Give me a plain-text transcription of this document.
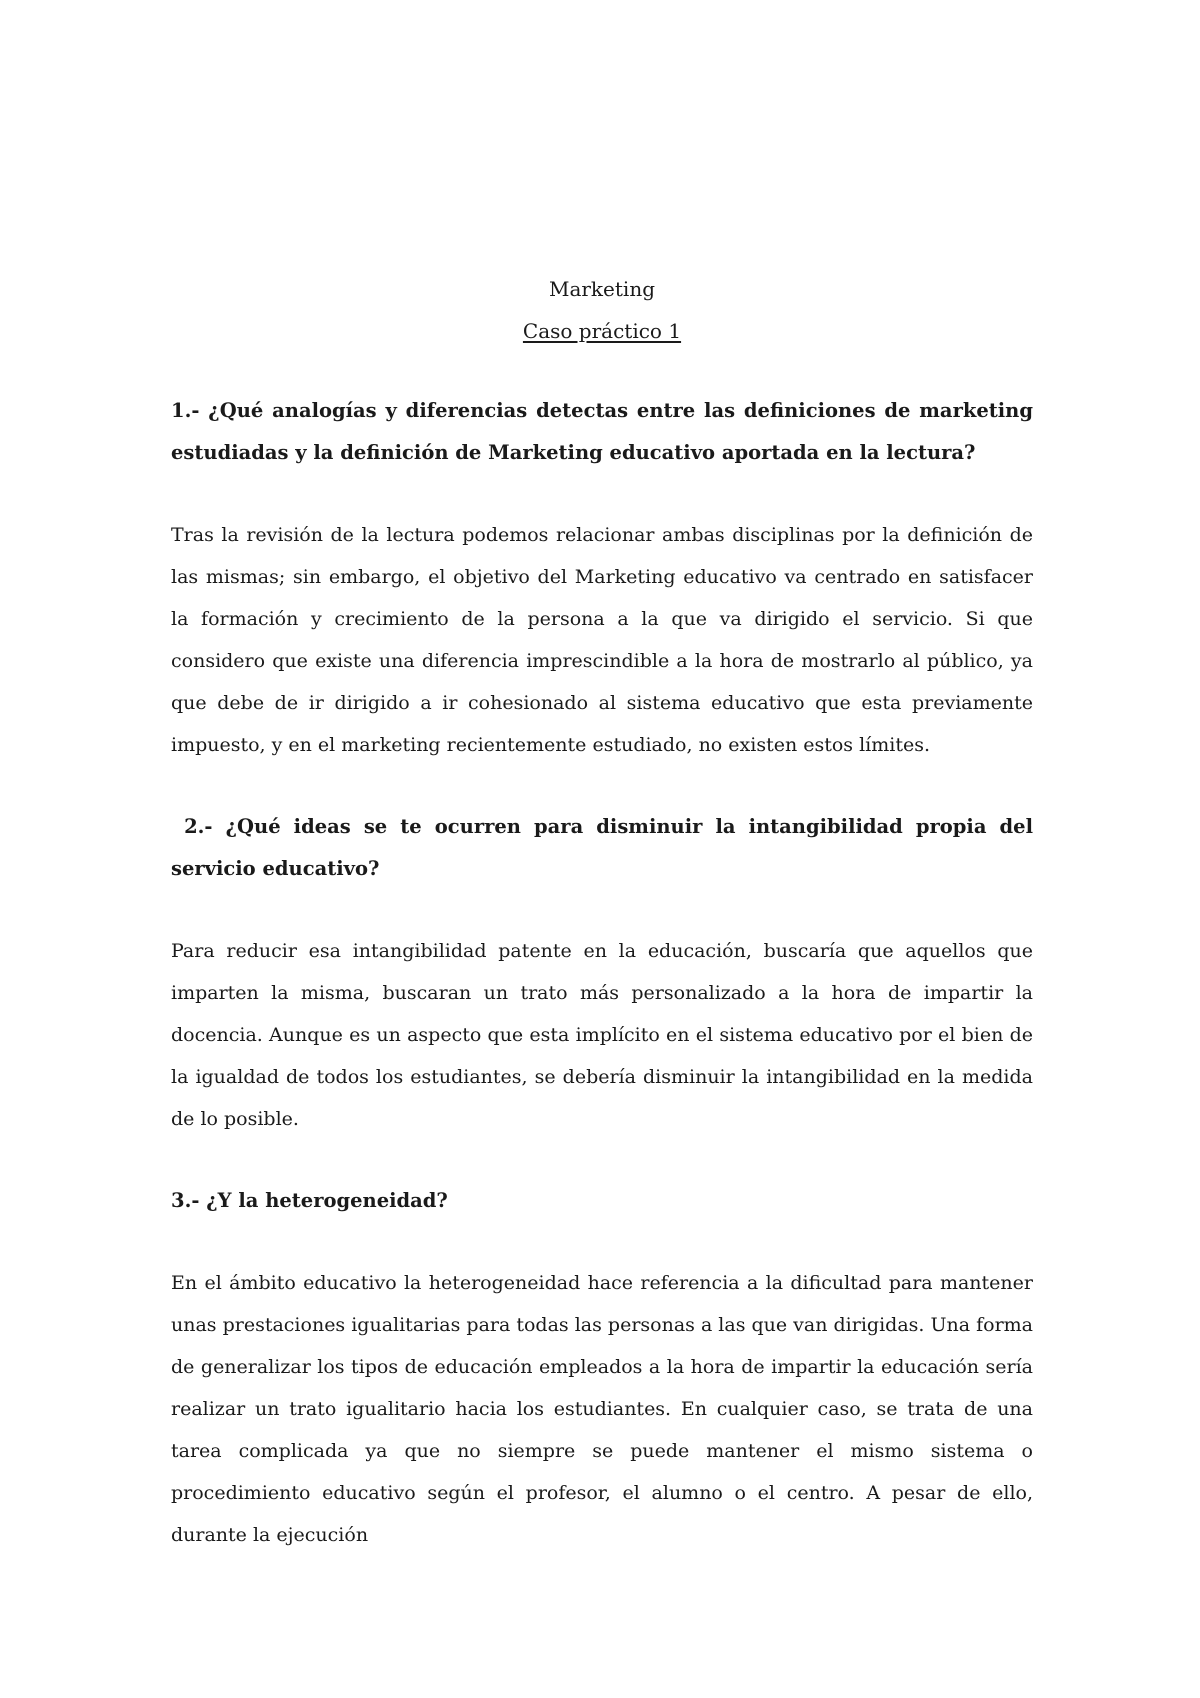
Marketing

Caso práctico 1

1.- ¿Qué analogías y diferencias detectas entre las definiciones de marketing estudiadas y la definición de Marketing educativo aportada en la lectura?

Tras la revisión de la lectura podemos relacionar ambas disciplinas por la definición de las mismas; sin embargo, el objetivo del Marketing educativo va centrado en satisfacer la formación y crecimiento de la persona a la que va dirigido el servicio. Si que considero que existe una diferencia imprescindible a la hora de mostrarlo al público, ya que debe de ir dirigido a ir cohesionado al sistema educativo que esta previamente impuesto, y en el marketing recientemente estudiado, no existen estos límites.

2.- ¿Qué ideas se te ocurren para disminuir la intangibilidad propia del servicio educativo?

Para reducir esa intangibilidad patente en la educación, buscaría que aquellos que imparten la misma, buscaran un trato más personalizado a la hora de impartir la docencia. Aunque es un aspecto que esta implícito en el sistema educativo por el bien de la igualdad de todos los estudiantes, se debería disminuir la intangibilidad en la medida de lo posible.

3.- ¿Y la heterogeneidad?

En el ámbito educativo la heterogeneidad hace referencia a la dificultad para mantener unas prestaciones igualitarias para todas las personas a las que van dirigidas. Una forma de generalizar los tipos de educación empleados a la hora de impartir la educación sería realizar un trato igualitario hacia los estudiantes. En cualquier caso, se trata de una tarea complicada ya que no siempre se puede mantener el mismo sistema o procedimiento educativo según el profesor, el alumno o el centro. A pesar de ello, durante la ejecución
